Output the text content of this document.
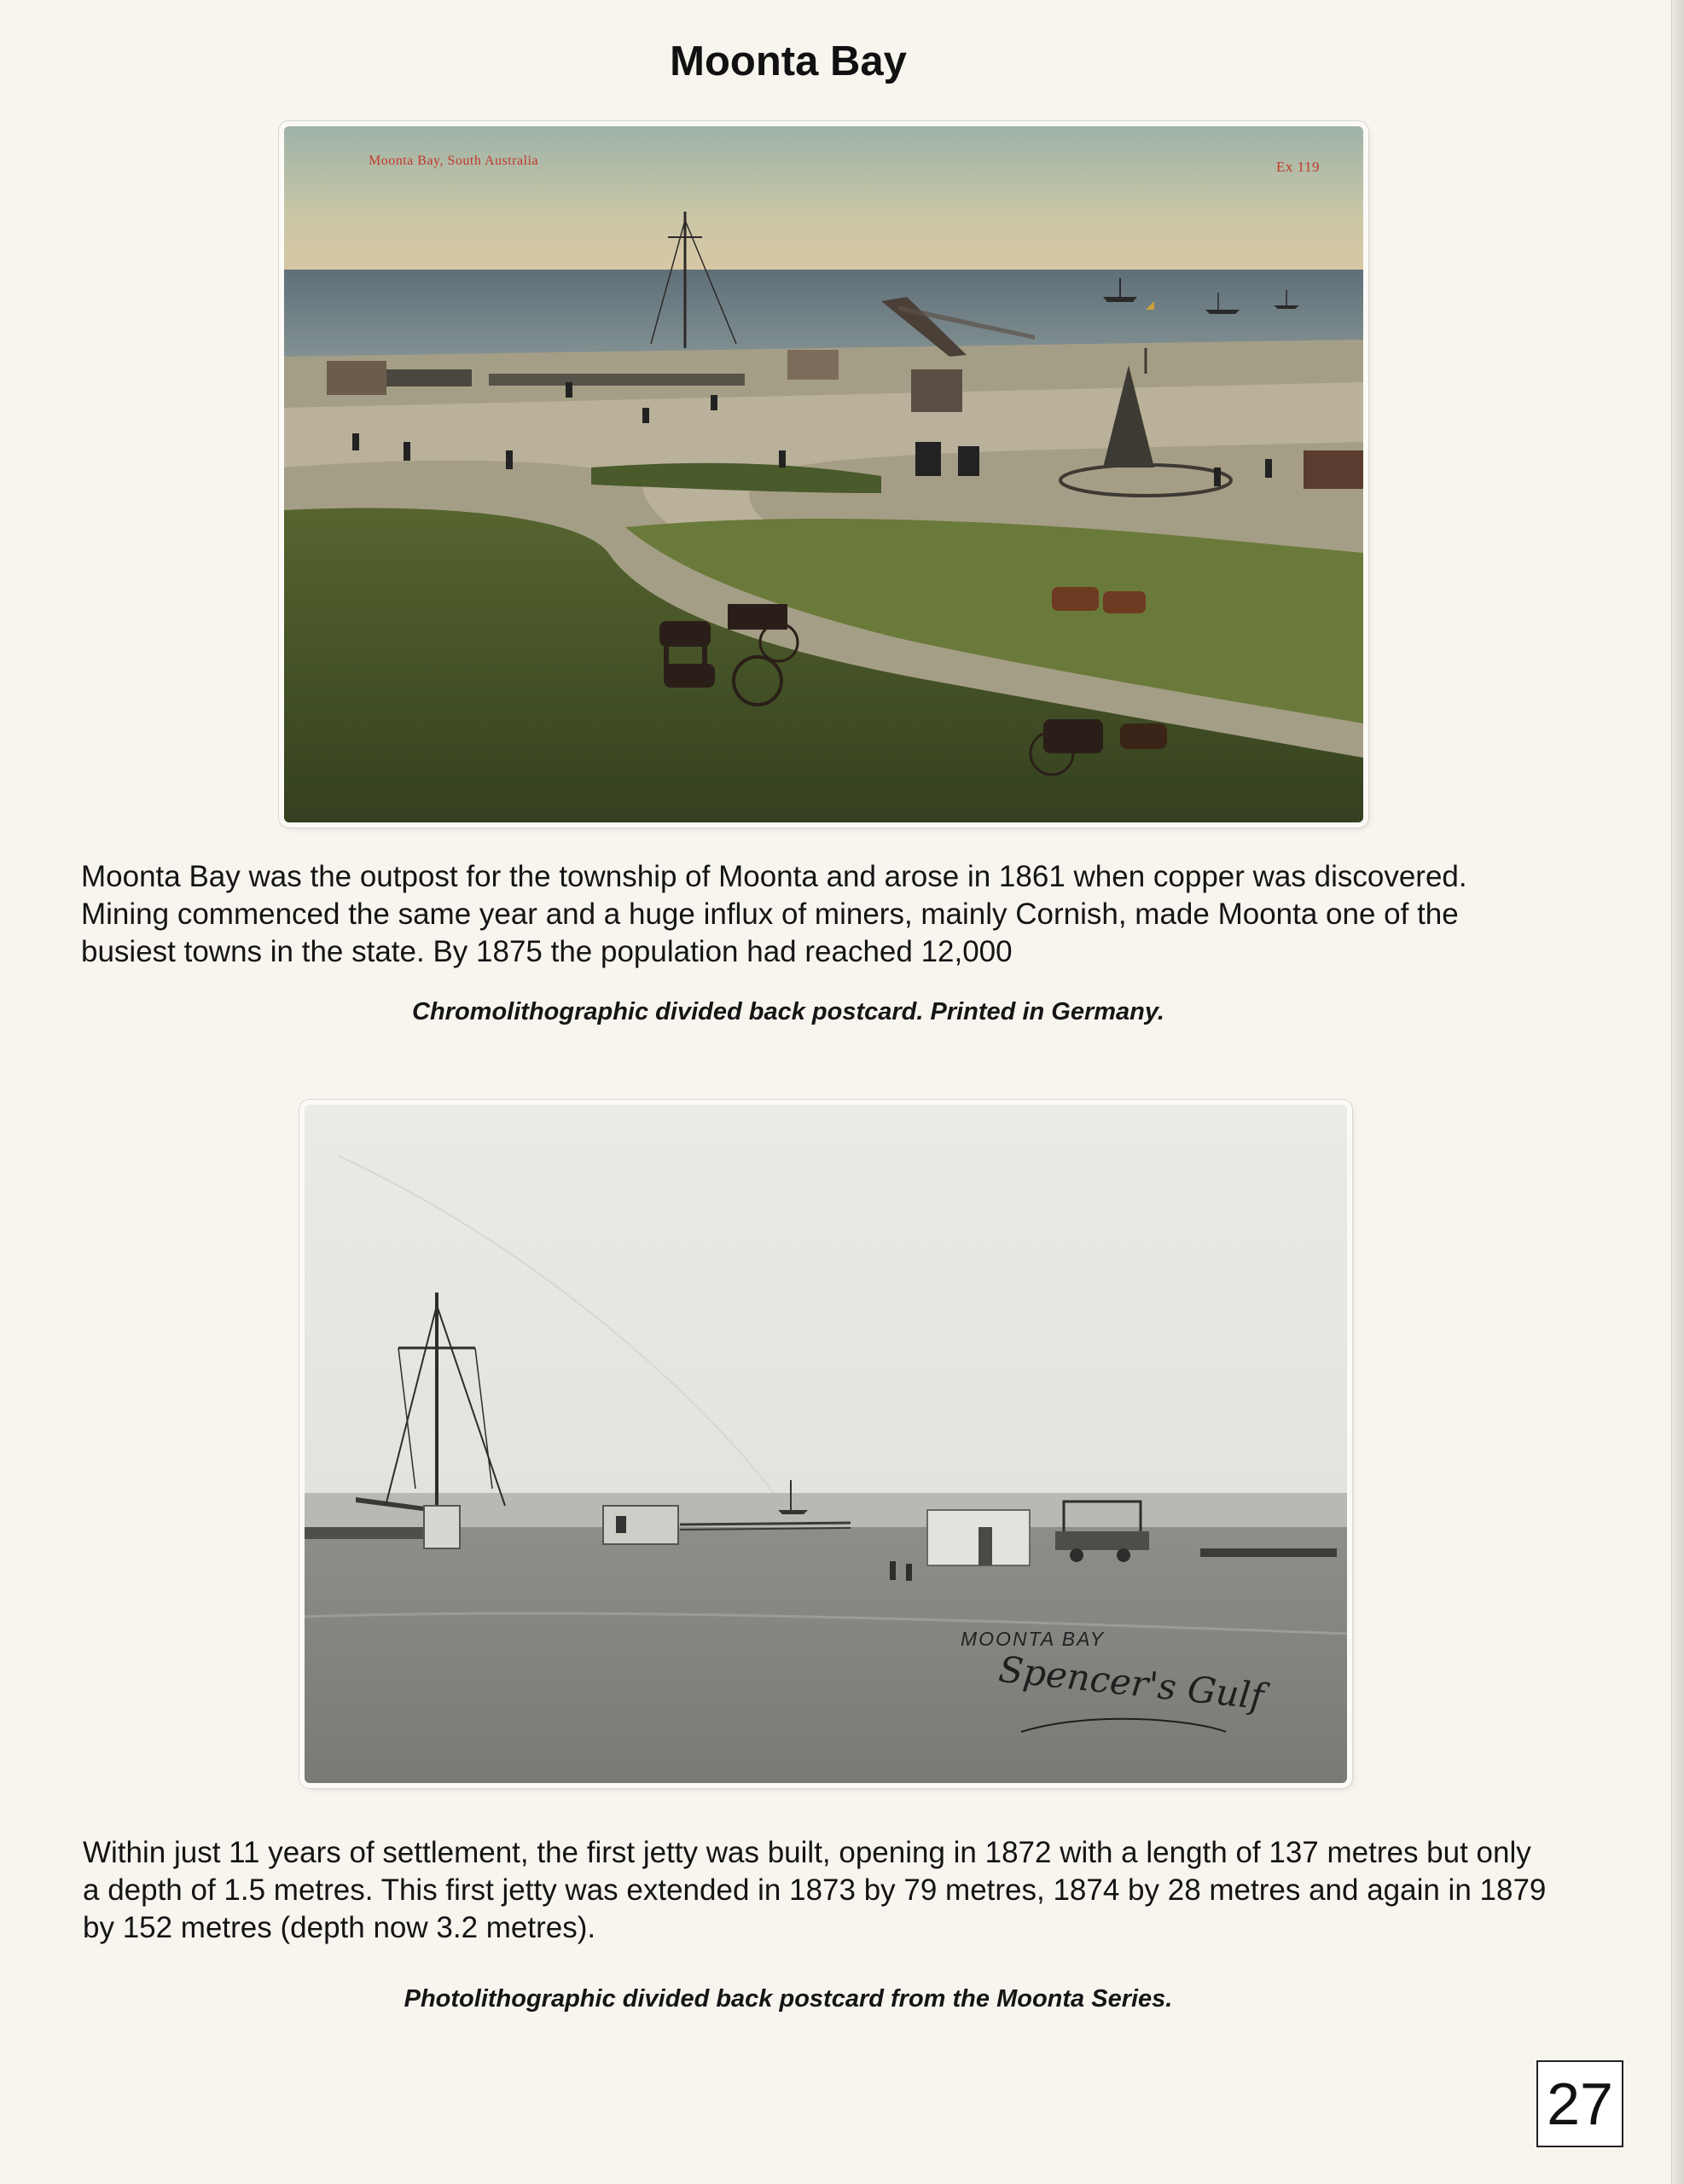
Moonta Bay
Moonta Bay, South Australia	Ex 119
Moonta Bay was the outpost for the township of Moonta and arose in 1861 when copper was discovered. Mining commenced the same year and a huge influx of miners, mainly Cornish, made Moonta one of the busiest towns in the state. By 1875 the population had reached 12,000
Chromolithographic divided back postcard. Printed in Germany.
MOONTA BAY
Spencer's Gulf
Within just 11 years of settlement, the first jetty was built, opening in 1872 with a length of 137 metres but only a depth of 1.5 metres. This first jetty was extended in 1873 by 79 metres, 1874 by 28 metres and again in 1879 by 152 metres (depth now 3.2 metres).
Photolithographic divided back postcard from the Moonta Series.
27
